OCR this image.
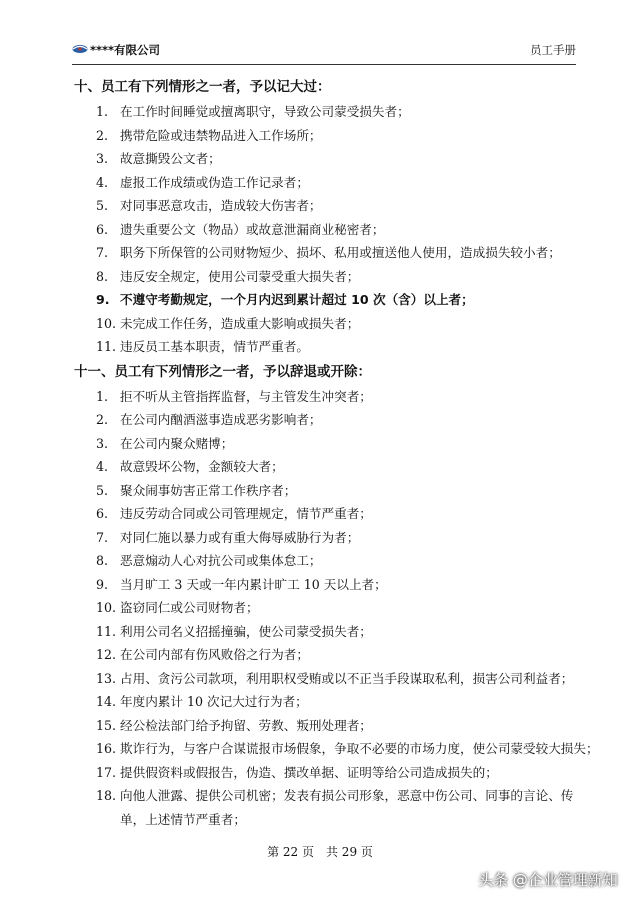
****有限公司	员工手册
十、员工有下列情形之一者，予以记大过：
1. 在工作时间睡觉或擅离职守，导致公司蒙受损失者；
2. 携带危险或违禁物品进入工作场所；
3. 故意撕毁公文者；
4. 虚报工作成绩或伪造工作记录者；
5. 对同事恶意攻击，造成较大伤害者；
6. 遗失重要公文（物品）或故意泄漏商业秘密者；
7. 职务下所保管的公司财物短少、损坏、私用或擅送他人使用，造成损失较小者；
8. 违反安全规定，使用公司蒙受重大损失者；
9. 不遵守考勤规定，一个月内迟到累计超过 10 次（含）以上者；
10. 未完成工作任务，造成重大影响或损失者；
11. 违反员工基本职责，情节严重者。
十一、员工有下列情形之一者，予以辞退或开除：
1. 拒不听从主管指挥监督，与主管发生冲突者；
2. 在公司内酗酒滋事造成恶劣影响者；
3. 在公司内聚众赌博；
4. 故意毁坏公物，金额较大者；
5. 聚众闹事妨害正常工作秩序者；
6. 违反劳动合同或公司管理规定，情节严重者；
7. 对同仁施以暴力或有重大侮辱威胁行为者；
8. 恶意煽动人心对抗公司或集体怠工；
9. 当月旷工 3 天或一年内累计旷工 10 天以上者；
10. 盗窃同仁或公司财物者；
11. 利用公司名义招摇撞骗，使公司蒙受损失者；
12. 在公司内部有伤风败俗之行为者；
13. 占用、贪污公司款项，利用职权受贿或以不正当手段谋取私利，损害公司利益者；
14. 年度内累计 10 次记大过行为者；
15. 经公检法部门给予拘留、劳教、叛刑处理者；
16. 欺诈行为，与客户合谋谎报市场假象，争取不必要的市场力度，使公司蒙受较大损失；
17. 提供假资料或假报告，伪造、撰改单据、证明等给公司造成损失的；
18. 向他人泄露、提供公司机密；发表有损公司形象，恶意中伤公司、同事的言论、传单，上述情节严重者；
第 22 页　共 29 页
头条 @企业管理新知
